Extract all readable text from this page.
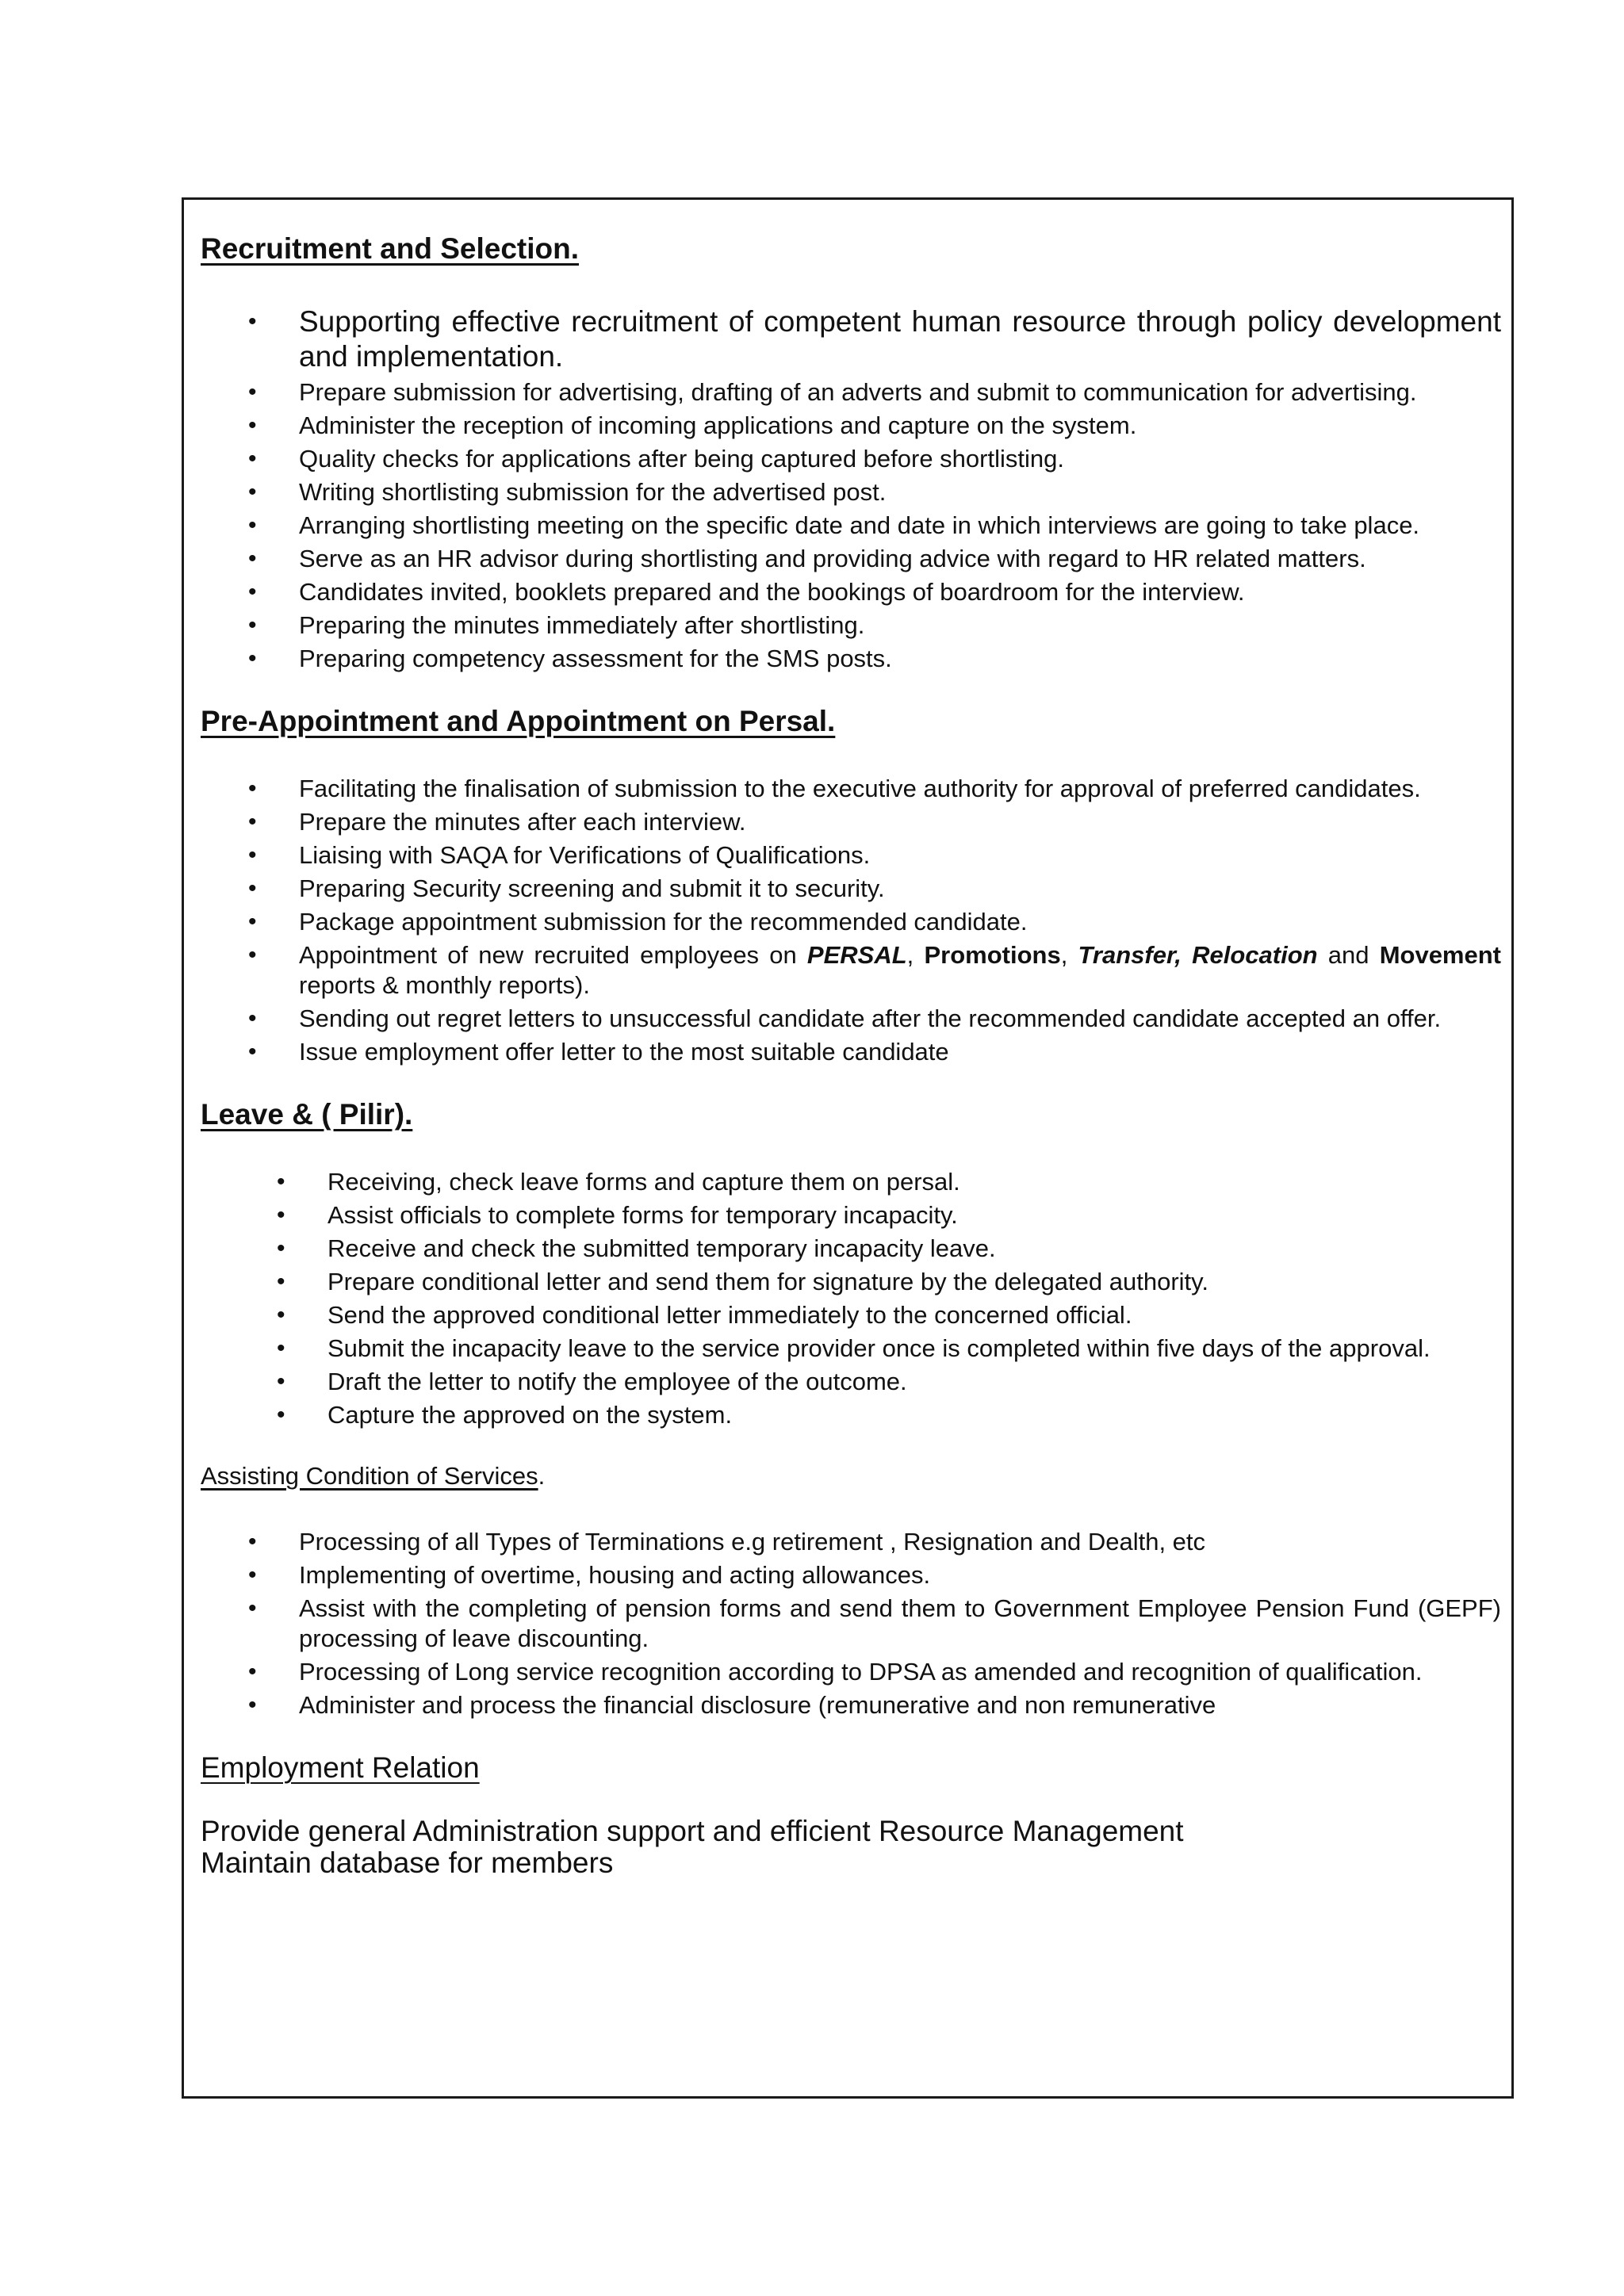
Recruitment and Selection.
• Supporting effective recruitment of competent human resource through policy development and implementation.
• Prepare submission for advertising, drafting of an adverts and submit to communication for advertising.
• Administer the reception of incoming applications and capture on the system.
• Quality checks for applications after being captured before shortlisting.
• Writing shortlisting submission for the advertised post.
• Arranging shortlisting meeting on the specific date and date in which interviews are going to take place.
• Serve as an HR advisor during shortlisting and providing advice with regard to HR related matters.
• Candidates invited, booklets prepared and the bookings of boardroom for the interview.
• Preparing the minutes immediately after shortlisting.
• Preparing competency assessment for the SMS posts.
Pre-Appointment and Appointment on Persal.
• Facilitating the finalisation of submission to the executive authority for approval of preferred candidates.
• Prepare the minutes after each interview.
• Liaising with SAQA for Verifications of Qualifications.
• Preparing Security screening and submit it to security.
• Package appointment submission for the recommended candidate.
• Appointment of new recruited employees on PERSAL, Promotions, Transfer, Relocation and Movement reports & monthly reports).
• Sending out regret letters to unsuccessful candidate after the recommended candidate accepted an offer.
• Issue employment offer letter to the most suitable candidate
Leave & ( Pilir).
• Receiving, check leave forms and capture them on persal.
• Assist officials to complete forms for temporary incapacity.
• Receive and check the submitted temporary incapacity leave.
• Prepare conditional letter and send them for signature by the delegated authority.
• Send the approved conditional letter immediately to the concerned official.
• Submit the incapacity leave to the service provider once is completed within five days of the approval.
• Draft the letter to notify the employee of the outcome.
• Capture the approved on the system.

Assisting Condition of Services.

• Processing of all Types of Terminations e.g retirement , Resignation and Dealth, etc
• Implementing of overtime, housing and acting allowances.
• Assist with the completing of pension forms and send them to Government Employee Pension Fund (GEPF)     processing of leave discounting.
• Processing of Long service recognition according to DPSA as amended and recognition of qualification.
• Administer and process the financial disclosure (remunerative and non remunerative

Employment Relation

Provide general Administration support and efficient Resource Management

Maintain database for members
